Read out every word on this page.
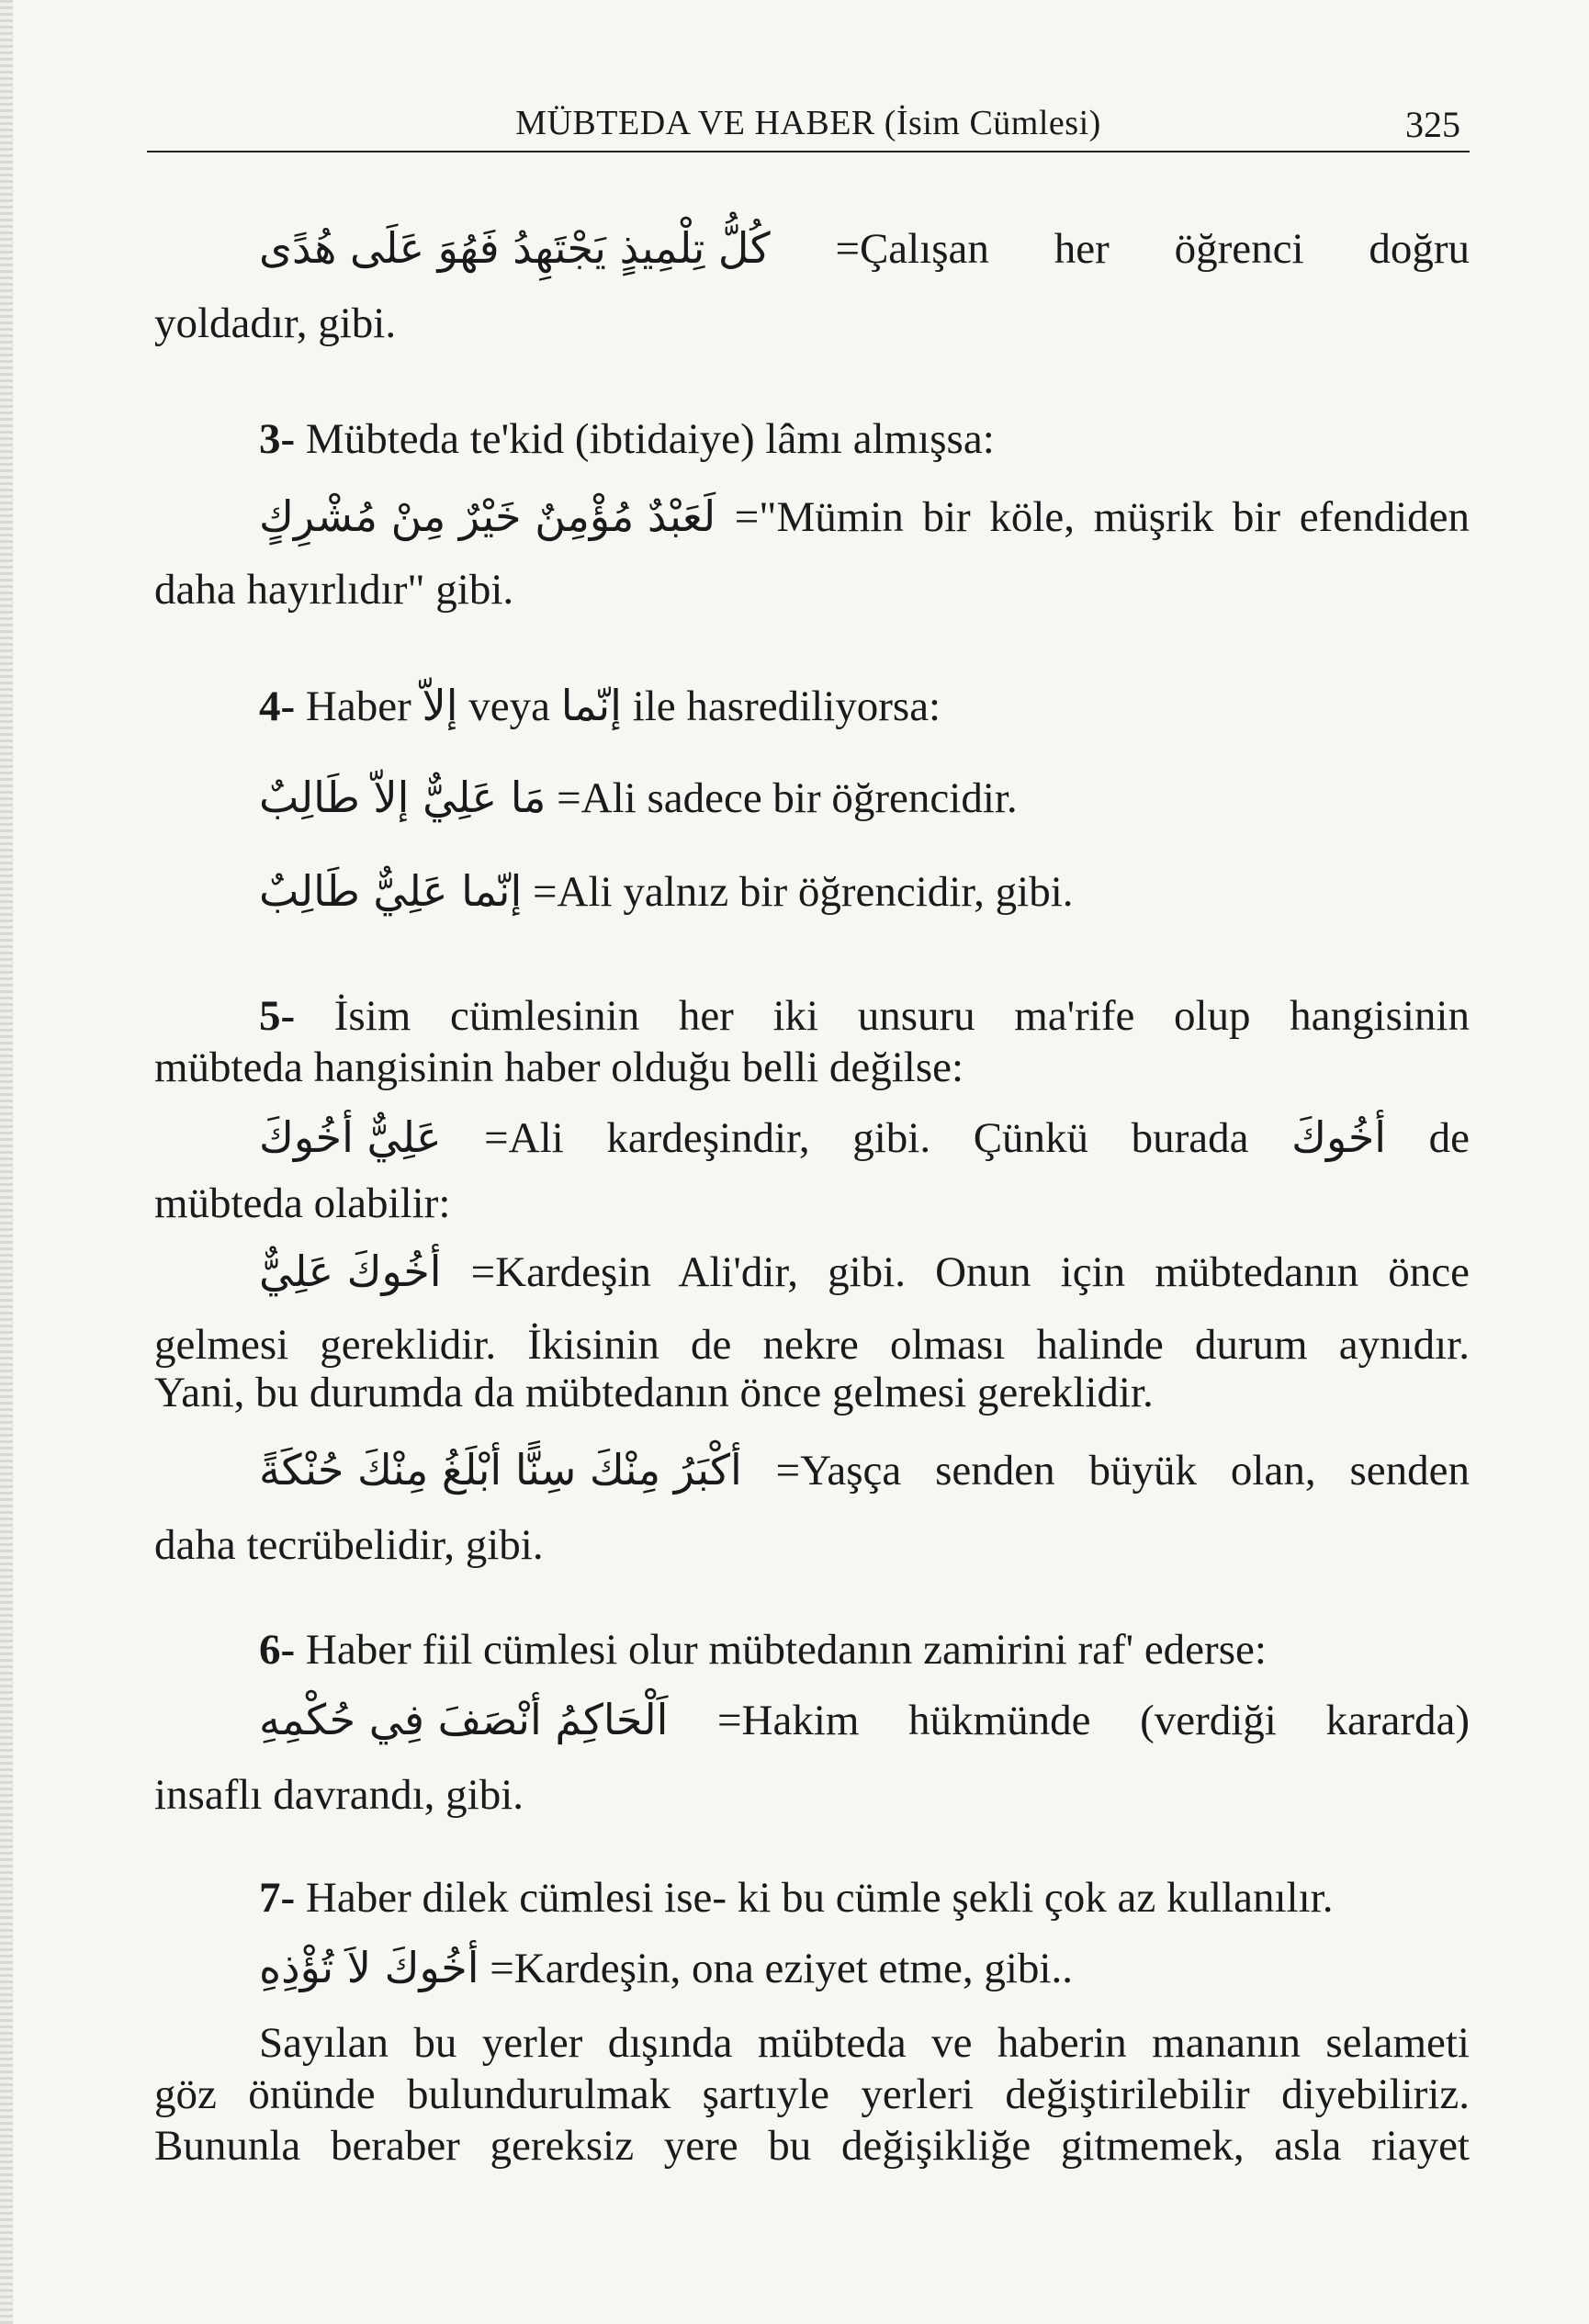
MÜBTEDA VE HABER (İsim Cümlesi)	325
كُلُّ تِلْمِيذٍ يَجْتَهِدُ فَهُوَ عَلَى هُدًى =Çalışan her öğrenci doğru
yoldadır, gibi.
3- Mübteda te'kid (ibtidaiye) lâmı almışsa:
لَعَبْدٌ مُؤْمِنٌ خَيْرٌ مِنْ مُشْرِكٍ ="Mümin bir köle, müşrik bir efendiden
daha hayırlıdır" gibi.
4- Haber إلاّ veya إنّما ile hasrediliyorsa:
مَا عَلِيٌّ إلاّ طَالِبٌ =Ali sadece bir öğrencidir.
إنّما عَلِيٌّ طَالِبٌ =Ali yalnız bir öğrencidir, gibi.
5- İsim cümlesinin her iki unsuru ma'rife olup hangisinin
mübteda hangisinin haber olduğu belli değilse:
عَلِيٌّ أخُوكَ =Ali kardeşindir, gibi. Çünkü burada أخُوكَ de
mübteda olabilir:
أخُوكَ عَلِيٌّ =Kardeşin Ali'dir, gibi. Onun için mübtedanın önce
gelmesi gereklidir. İkisinin de nekre olması halinde durum aynıdır.
Yani, bu durumda da mübtedanın önce gelmesi gereklidir.
أكْبَرُ مِنْكَ سِنًّا أبْلَغُ مِنْكَ حُنْكَةً =Yaşça senden büyük olan, senden
daha tecrübelidir, gibi.
6- Haber fiil cümlesi olur mübtedanın zamirini raf' ederse:
اَلْحَاكِمُ أنْصَفَ فِي حُكْمِهِ =Hakim hükmünde (verdiği kararda)
insaflı davrandı, gibi.
7- Haber dilek cümlesi ise- ki bu cümle şekli çok az kullanılır.
أخُوكَ لاَ تُؤْذِهِ =Kardeşin, ona eziyet etme, gibi..
Sayılan bu yerler dışında mübteda ve haberin mananın selameti
göz önünde bulundurulmak şartıyle yerleri değiştirilebilir diyebiliriz.
Bununla beraber gereksiz yere bu değişikliğe gitmemek, asla riayet
